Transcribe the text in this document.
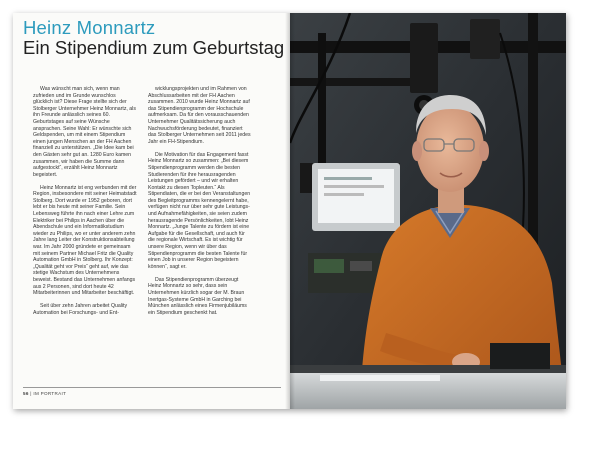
Heinz Monnartz
Ein Stipendium zum Geburtstag

Was wünscht man sich, wenn man zufrieden und im Grunde wunschlos glücklich ist? Diese Frage stellte sich der Stolberger Unternehmer Heinz Monnartz, als ihn Freunde anlässlich seines 60. Geburtstages auf seine Wünsche ansprachen. Seine Wahl: Er wünschte sich Geldspenden, um mit einem Stipendium einen jungen Menschen an der FH Aachen finanziell zu unterstützen. „Die Idee kam bei den Gästen sehr gut an. 1280 Euro kamen zusammen, wir haben die Summe dann aufgestockt“, erzählt Heinz Monnartz begeistert.

Heinz Monnartz ist eng verbunden mit der Region, insbesondere mit seiner Heimatstadt Stolberg. Dort wurde er 1952 geboren, dort lebt er bis heute mit seiner Familie. Sein Lebensweg führte ihn nach einer Lehre zum Elektriker bei Philips in Aachen über die Abendschule und ein Informatikstudium wieder zu Philips, wo er unter anderem zehn Jahre lang Leiter der Konstruktionsabteilung war. Im Jahr 2000 gründete er gemeinsam mit seinem Partner Michael Fritz die Quality Automation GmbH in Stolberg. Ihr Konzept: „Qualität geht vor Preis“ geht auf, wie das stetige Wachstum des Unternehmens beweist. Bestand das Unternehmen anfangs aus 2 Personen, sind dort heute 42 Mitarbeiterinnen und Mitarbeiter beschäftigt.

Seit über zehn Jahren arbeitet Quality Automation bei Forschungs- und Ent-

wicklungsprojekten und im Rahmen von Abschlussarbeiten mit der FH Aachen zusammen. 2010 wurde Heinz Monnartz auf das Stipendienprogramm der Hochschule aufmerksam. Da für den vorausschauenden Unternehmer Qualitätssicherung auch Nachwuchsförderung bedeutet, finanziert das Stolberger Unternehmen seit 2011 jedes Jahr ein FH-Stipendium.

Die Motivation für das Engagement fasst Heinz Monnartz so zusammen: „Bei diesem Stipendienprogramm werden die besten Studierenden für ihre herausragenden Leistungen gefördert – und wir erhalten Kontakt zu diesen Topleuten.“ Als Stipendiaten, die er bei den Veranstaltungen des Begleitprogramms kennengelernt habe, verfügen nicht nur über sehr gute Leistungs- und Aufnahmefähigkeiten, sie seien zudem herausragende Persönlichkeiten, lobt Heinz Monnartz. „Junge Talente zu fördern ist eine Aufgabe für die Gesellschaft, und auch für die regionale Wirtschaft. Es ist wichtig für unsere Region, wenn wir über das Stipendienprogramm die besten Talente für einen Job in unserer Region begeistern können“, sagt er.

Das Stipendienprogramm überzeugt Heinz Monnartz so sehr, dass sein Unternehmen kürzlich sogar der M. Braun Inertgas-Systeme GmbH in Garching bei München anlässlich eines Firmenjubiläums ein Stipendium geschenkt hat.

56 | IM PORTRAIT
